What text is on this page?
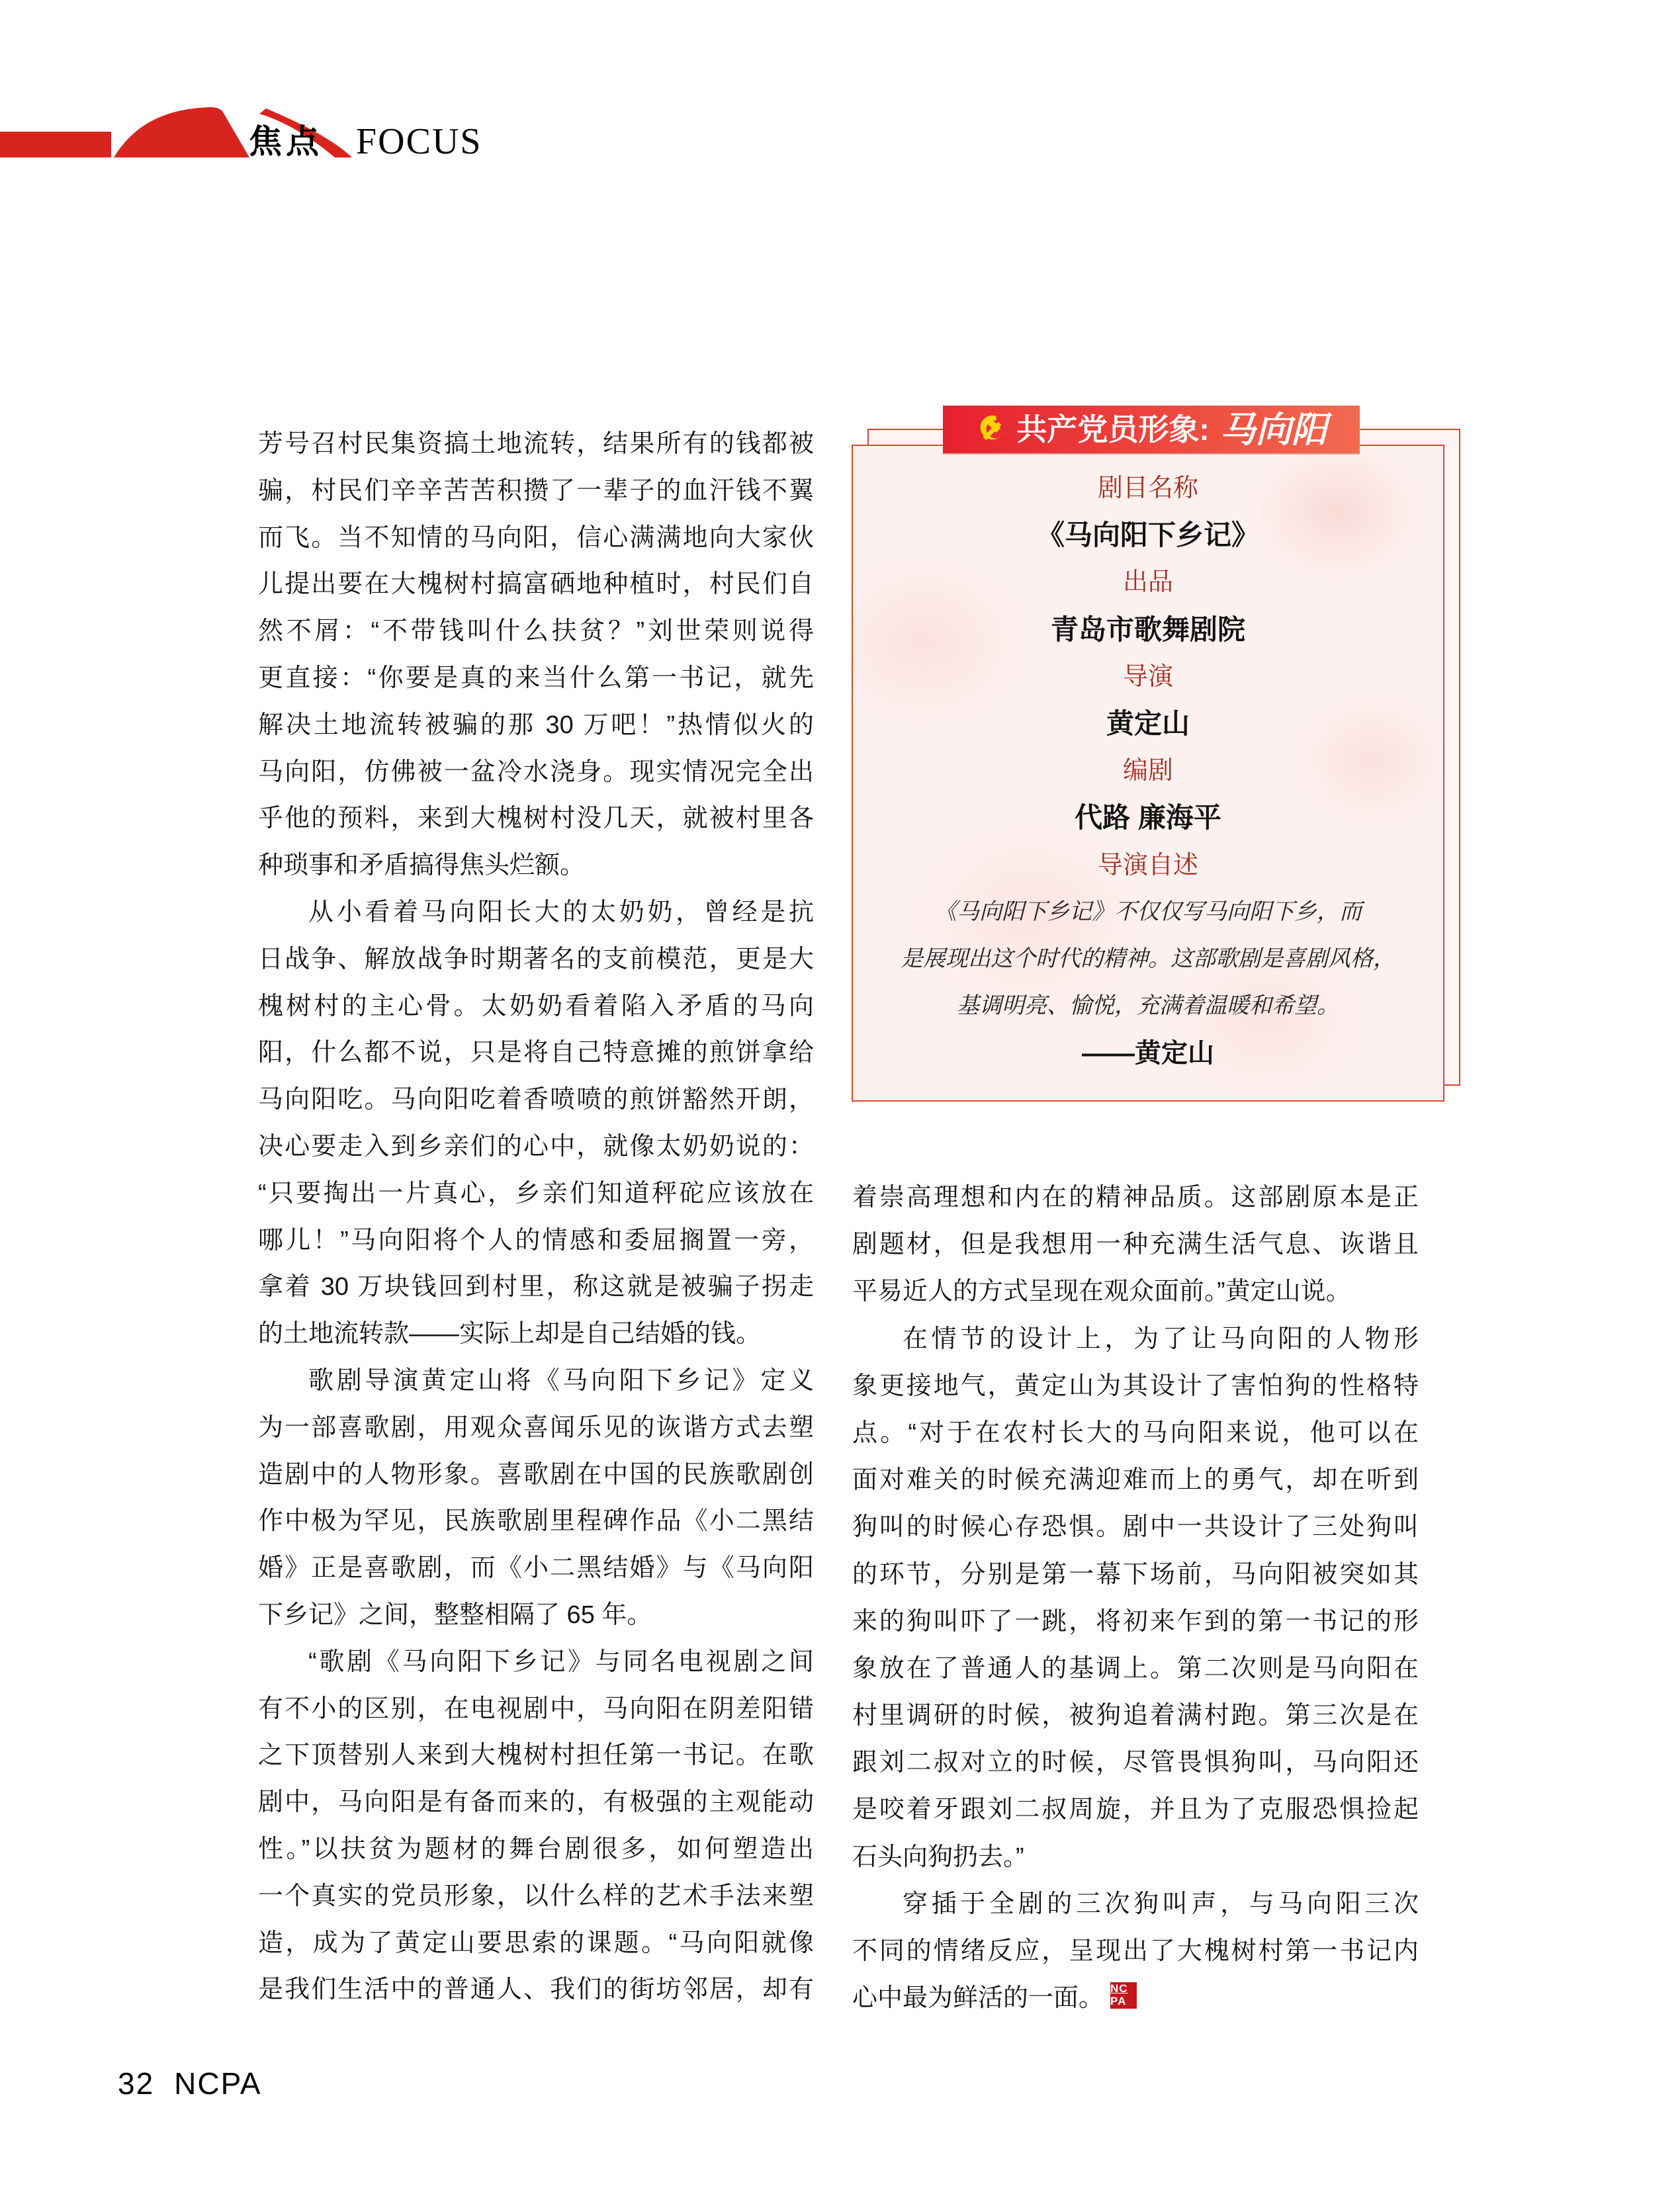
焦点 FOCUS
剧目名称
《马向阳下乡记》
出品
青岛市歌舞剧院
导演
黄定山
编剧
代路 廉海平
导演自述
《马向阳下乡记》不仅仅写马向阳下乡，而
是展现出这个时代的精神。这部歌剧是喜剧风格，
基调明亮、愉悦，充满着温暖和希望。
——黄定山
共产党员形象: 马向阳
芳号召村民集资搞土地流转，结果所有的钱都被
骗，村民们辛辛苦苦积攒了一辈子的血汗钱不翼
而飞。当不知情的马向阳，信心满满地向大家伙
儿提出要在大槐树村搞富硒地种植时，村民们自
然不屑：“不带钱叫什么扶贫？”刘世荣则说得
更直接：“你要是真的来当什么第一书记，就先
解决土地流转被骗的那 30 万吧！”热情似火的
马向阳，仿佛被一盆冷水浇身。现实情况完全出
乎他的预料，来到大槐树村没几天，就被村里各
种琐事和矛盾搞得焦头烂额。
从小看着马向阳长大的太奶奶，曾经是抗
日战争、解放战争时期著名的支前模范，更是大
槐树村的主心骨。太奶奶看着陷入矛盾的马向
阳，什么都不说，只是将自己特意摊的煎饼拿给
马向阳吃。马向阳吃着香喷喷的煎饼豁然开朗，
决心要走入到乡亲们的心中，就像太奶奶说的：
“只要掏出一片真心，乡亲们知道秤砣应该放在
哪儿！”马向阳将个人的情感和委屈搁置一旁，
拿着 30 万块钱回到村里，称这就是被骗子拐走
的土地流转款——实际上却是自己结婚的钱。
歌剧导演黄定山将《马向阳下乡记》定义
为一部喜歌剧，用观众喜闻乐见的诙谐方式去塑
造剧中的人物形象。喜歌剧在中国的民族歌剧创
作中极为罕见，民族歌剧里程碑作品《小二黑结
婚》正是喜歌剧，而《小二黑结婚》与《马向阳
下乡记》之间，整整相隔了 65 年。
“歌剧《马向阳下乡记》与同名电视剧之间
有不小的区别，在电视剧中，马向阳在阴差阳错
之下顶替别人来到大槐树村担任第一书记。在歌
剧中，马向阳是有备而来的，有极强的主观能动
性。”以扶贫为题材的舞台剧很多，如何塑造出
一个真实的党员形象，以什么样的艺术手法来塑
造，成为了黄定山要思索的课题。“马向阳就像
是我们生活中的普通人、我们的街坊邻居，却有
着崇高理想和内在的精神品质。这部剧原本是正
剧题材，但是我想用一种充满生活气息、诙谐且
平易近人的方式呈现在观众面前。”黄定山说。
在情节的设计上，为了让马向阳的人物形
象更接地气，黄定山为其设计了害怕狗的性格特
点。“对于在农村长大的马向阳来说，他可以在
面对难关的时候充满迎难而上的勇气，却在听到
狗叫的时候心存恐惧。剧中一共设计了三处狗叫
的环节，分别是第一幕下场前，马向阳被突如其
来的狗叫吓了一跳，将初来乍到的第一书记的形
象放在了普通人的基调上。第二次则是马向阳在
村里调研的时候，被狗追着满村跑。第三次是在
跟刘二叔对立的时候，尽管畏惧狗叫，马向阳还
是咬着牙跟刘二叔周旋，并且为了克服恐惧捡起
石头向狗扔去。”
穿插于全剧的三次狗叫声，与马向阳三次
不同的情绪反应，呈现出了大槐树村第一书记内
心中最为鲜活的一面。 $\frac{NC}{PA}$
32 NCPA
